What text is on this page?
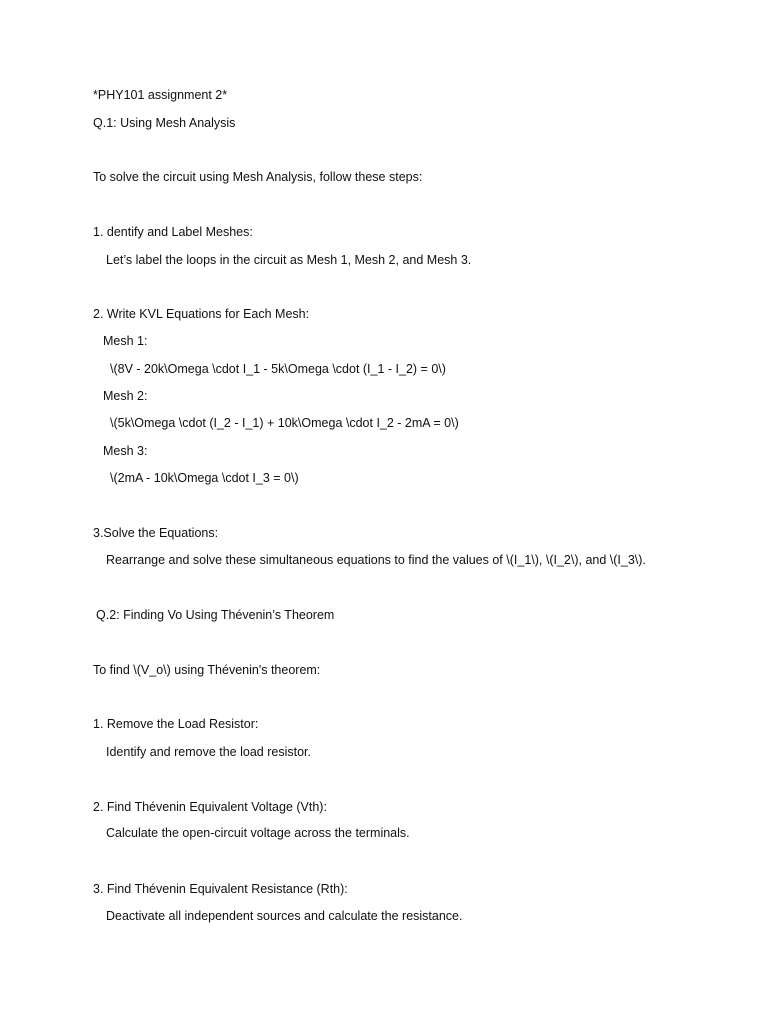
*PHY101 assignment 2*
Q.1: Using Mesh Analysis
To solve the circuit using Mesh Analysis, follow these steps:
1. dentify and Label Meshes:
Let’s label the loops in the circuit as Mesh 1, Mesh 2, and Mesh 3.
2. Write KVL Equations for Each Mesh:
Mesh 1:
\(8V - 20k\Omega \cdot I_1 - 5k\Omega \cdot (I_1 - I_2) = 0\)
Mesh 2:
\(5k\Omega \cdot (I_2 - I_1) + 10k\Omega \cdot I_2 - 2mA = 0\)
Mesh 3:
\(2mA - 10k\Omega \cdot I_3 = 0\)
3.Solve the Equations:
Rearrange and solve these simultaneous equations to find the values of \(I_1\), \(I_2\), and \(I_3\).
Q.2: Finding Vo Using Thévenin’s Theorem
To find \(V_o\) using Thévenin's theorem:
1. Remove the Load Resistor:
Identify and remove the load resistor.
2. Find Thévenin Equivalent Voltage (Vth):
Calculate the open-circuit voltage across the terminals.
3. Find Thévenin Equivalent Resistance (Rth):
Deactivate all independent sources and calculate the resistance.
